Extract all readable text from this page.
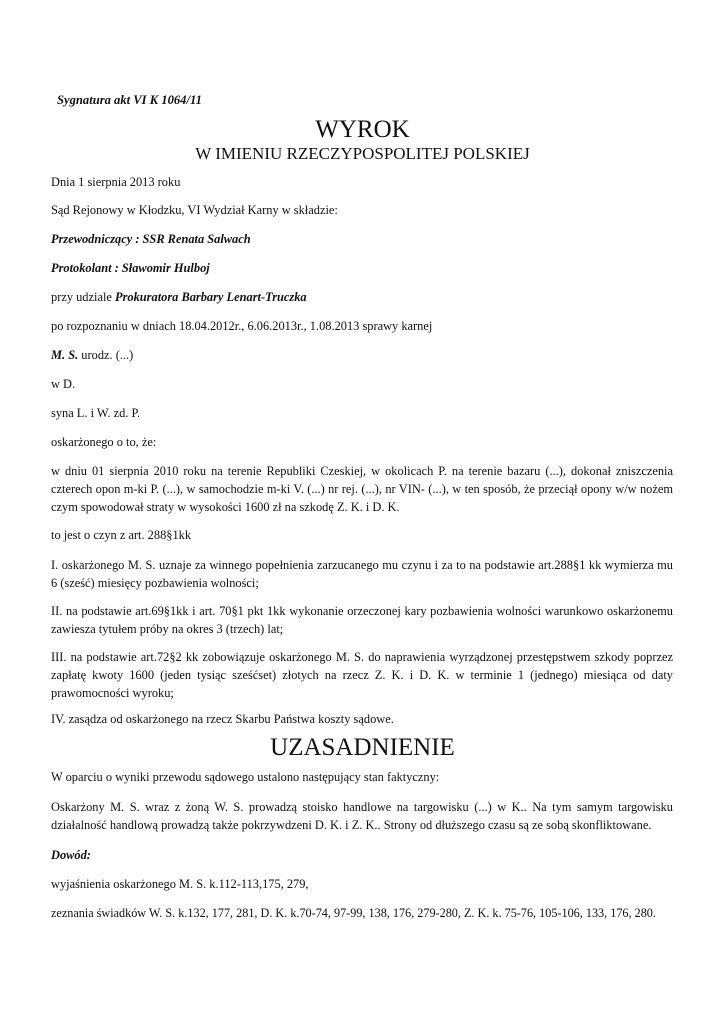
Sygnatura akt VI K 1064/11
WYROK
W IMIENIU RZECZYPOSPOLITEJ POLSKIEJ
Dnia 1 sierpnia 2013 roku
Sąd Rejonowy w Kłodzku, VI Wydział Karny w składzie:
Przewodniczący : SSR Renata Salwach
Protokolant : Sławomir Hulboj
przy udziale Prokuratora Barbary Lenart-Truczka
po rozpoznaniu w dniach 18.04.2012r., 6.06.2013r., 1.08.2013 sprawy karnej
M. S. urodz. (...)
w D.
syna L. i W. zd. P.
oskarżonego o to, że:
w dniu 01 sierpnia 2010 roku na terenie Republiki Czeskiej, w okolicach P. na terenie bazaru (...), dokonał zniszczenia czterech opon m-ki P. (...), w samochodzie m-ki V. (...) nr rej. (...), nr VIN- (...), w ten sposób, że przeciął opony w/w nożem czym spowodował straty w wysokości 1600 zł na szkodę Z. K. i D. K.
to jest o czyn z art. 288§1kk
I. oskarżonego M. S. uznaje za winnego popełnienia zarzucanego mu czynu i za to na podstawie art.288§1 kk wymierza mu 6 (sześć) miesięcy pozbawienia wolności;
II. na podstawie art.69§1kk i art. 70§1 pkt 1kk wykonanie orzeczonej kary pozbawienia wolności warunkowo oskarżonemu zawiesza tytułem próby na okres 3 (trzech) lat;
III. na podstawie art.72§2 kk zobowiązuje oskarżonego M. S. do naprawienia wyrządzonej przestępstwem szkody poprzez zapłatę kwoty 1600 (jeden tysiąc sześćset) złotych na rzecz Z. K. i D. K. w terminie 1 (jednego) miesiąca od daty prawomocności wyroku;
IV. zasądza od oskarżonego na rzecz Skarbu Państwa koszty sądowe.
UZASADNIENIE
W oparciu o wyniki przewodu sądowego ustalono następujący stan faktyczny:
Oskarżony M. S. wraz z żoną W. S. prowadzą stoisko handlowe na targowisku (...) w K.. Na tym samym targowisku działalność handlową prowadzą także pokrzywdzeni D. K. i Z. K.. Strony od dłuższego czasu są ze sobą skonfliktowane.
Dowód:
wyjaśnienia oskarżonego M. S. k.112-113,175, 279,
zeznania świadków W. S. k.132, 177, 281, D. K. k.70-74, 97-99, 138, 176, 279-280, Z. K. k. 75-76, 105-106, 133, 176, 280.
